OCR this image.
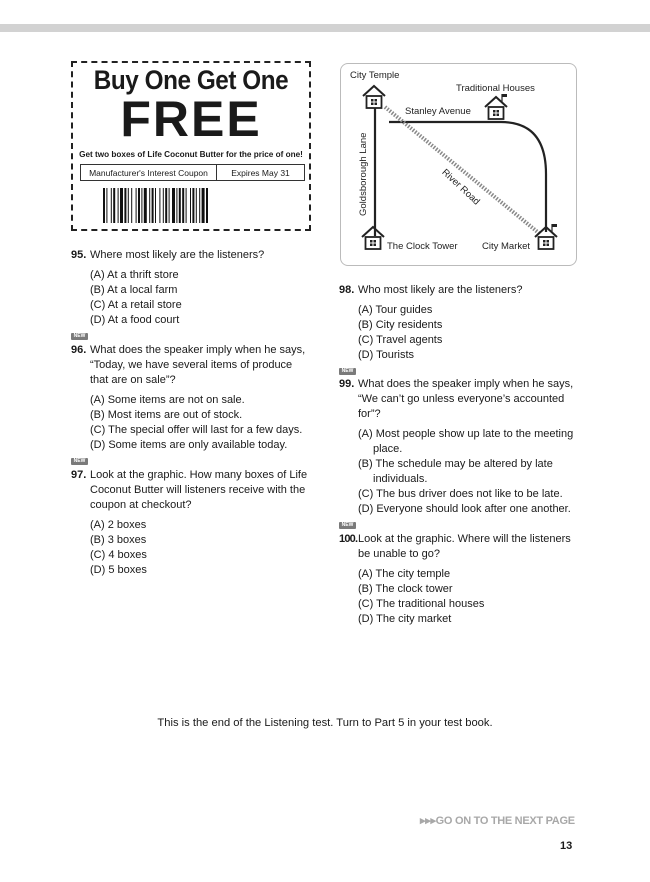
Buy One Get One
FREE
Get two boxes of Life Coconut Butter for the price of one!
Manufacturer's Interest Coupon	Expires May 31
City Temple
Traditional Houses
Stanley Avenue
River Road
Goldsborough Lane
The Clock Tower	City Market
95. Where most likely are the listeners?
(A) At a thrift store
(B) At a local farm
(C) At a retail store
(D) At a food court
NEW
96. What does the speaker imply when he says,
“Today, we have several items of produce
that are on sale”?
(A) Some items are not on sale.
(B) Most items are out of stock.
(C) The special offer will last for a few days.
(D) Some items are only available today.
NEW
97. Look at the graphic. How many boxes of Life
Coconut Butter will listeners receive with the
coupon at checkout?
(A) 2 boxes
(B) 3 boxes
(C) 4 boxes
(D) 5 boxes
98. Who most likely are the listeners?
(A) Tour guides
(B) City residents
(C) Travel agents
(D) Tourists
NEW
99. What does the speaker imply when he says,
“We can’t go unless everyone’s accounted
for”?
(A) Most people show up late to the meeting
place.
(B) The schedule may be altered by late
individuals.
(C) The bus driver does not like to be late.
(D) Everyone should look after one another.
NEW
100. Look at the graphic. Where will the listeners
be unable to go?
(A) The city temple
(B) The clock tower
(C) The traditional houses
(D) The city market
This is the end of the Listening test. Turn to Part 5 in your test book.
▸▸▸GO ON TO THE NEXT PAGE
13
